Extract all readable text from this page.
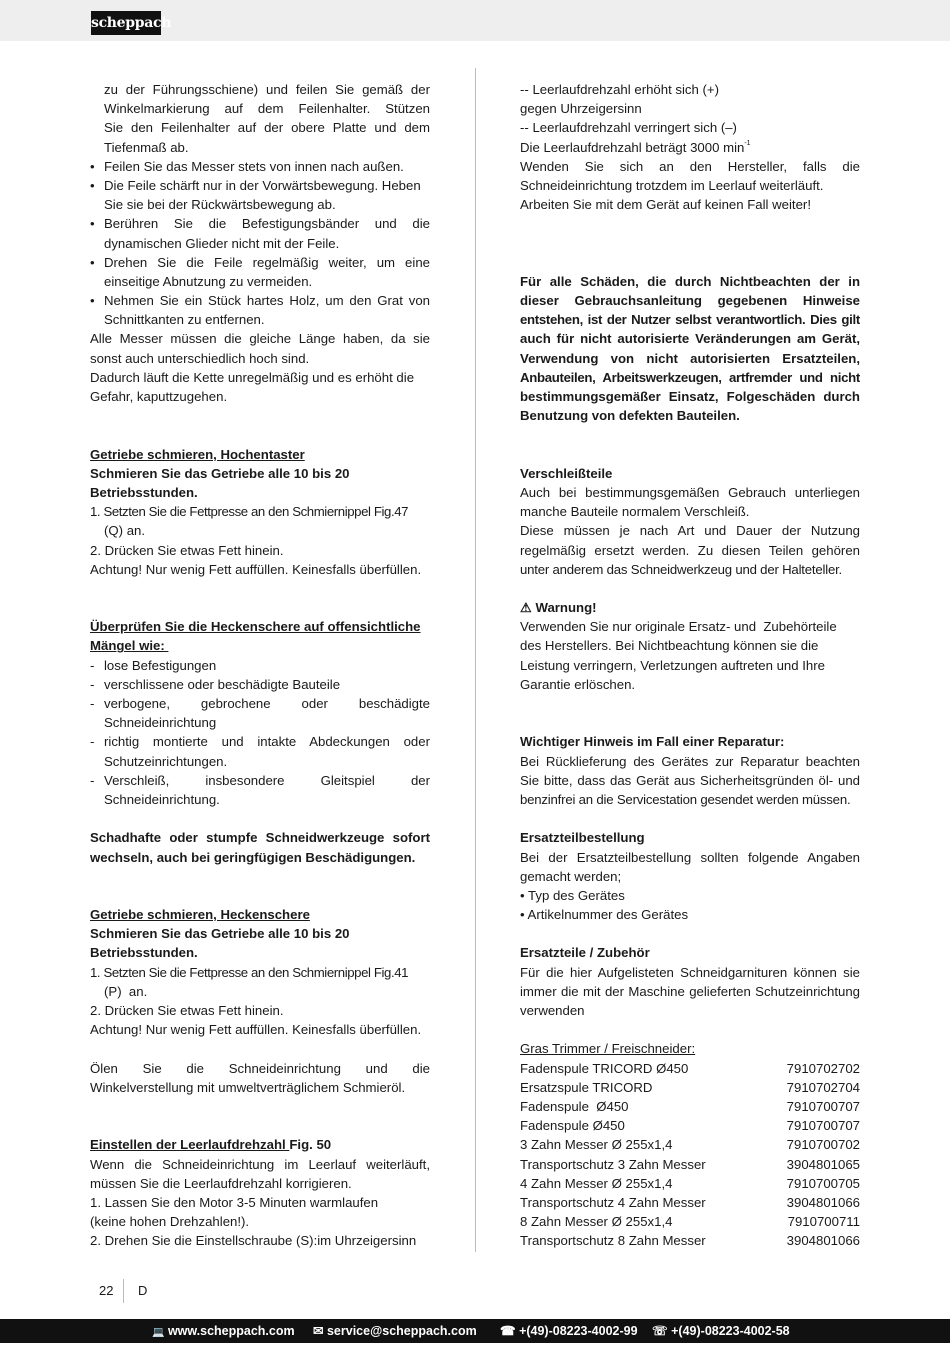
scheppach
zu der Führungsschiene) und feilen Sie gemäß der
Winkelmarkierung auf dem Feilenhalter. Stützen
Sie den Feilenhalter auf der obere Platte und dem
Tiefenmaß ab.
• Feilen Sie das Messer stets von innen nach außen.
• Die Feile schärft nur in der Vorwärtsbewegung. Heben
Sie sie bei der Rückwärtsbewegung ab.
• Berühren Sie die Befestigungsbänder und die
dynamischen Glieder nicht mit der Feile.
• Drehen Sie die Feile regelmäßig weiter, um eine
einseitige Abnutzung zu vermeiden.
• Nehmen Sie ein Stück hartes Holz, um den Grat von
Schnittkanten zu entfernen.
Alle Messer müssen die gleiche Länge haben, da sie
sonst auch unterschiedlich hoch sind.
Dadurch läuft die Kette unregelmäßig und es erhöht die
Gefahr, kaputtzugehen.
Getriebe schmieren, Hochentaster
Schmieren Sie das Getriebe alle 10 bis 20
Betriebsstunden.
1. Setzten Sie die Fettpresse an den Schmiernippel Fig.47
(Q) an.
2. Drücken Sie etwas Fett hinein.
Achtung! Nur wenig Fett auffüllen. Keinesfalls überfüllen.
Überprüfen Sie die Heckenschere auf offensichtliche
Mängel wie:
- lose Befestigungen
- verschlissene oder beschädigte Bauteile
- verbogene, gebrochene oder beschädigte
Schneideinrichtung
- richtig montierte und intakte Abdeckungen oder
Schutzeinrichtungen.
- Verschleiß, insbesondere Gleitspiel der
Schneideinrichtung.
Schadhafte oder stumpfe Schneidwerkzeuge sofort
wechseln, auch bei geringfügigen Beschädigungen.
Getriebe schmieren, Heckenschere
Schmieren Sie das Getriebe alle 10 bis 20
Betriebsstunden.
1. Setzten Sie die Fettpresse an den Schmiernippel Fig.41
(P)  an.
2. Drücken Sie etwas Fett hinein.
Achtung! Nur wenig Fett auffüllen. Keinesfalls überfüllen.
Ölen Sie die Schneideinrichtung und die
Winkelverstellung mit umweltverträglichem Schmieröl.
Einstellen der Leerlaufdrehzahl Fig. 50
Wenn die Schneideinrichtung im Leerlauf weiterläuft,
müssen Sie die Leerlaufdrehzahl korrigieren.
1. Lassen Sie den Motor 3-5 Minuten warmlaufen
(keine hohen Drehzahlen!).
2. Drehen Sie die Einstellschraube (S):im Uhrzeigersinn
-- Leerlaufdrehzahl erhöht sich (+)
gegen Uhrzeigersinn
-- Leerlaufdrehzahl verringert sich (–)
Die Leerlaufdrehzahl beträgt 3000 $\min^{-1}$
Wenden Sie sich an den Hersteller, falls die
Schneideinrichtung trotzdem im Leerlauf weiterläuft.
Arbeiten Sie mit dem Gerät auf keinen Fall weiter!
Für alle Schäden, die durch Nichtbeachten der in
dieser Gebrauchsanleitung gegebenen Hinweise
entstehen, ist der Nutzer selbst verantwortlich. Dies gilt
auch für nicht autorisierte Veränderungen am Gerät,
Verwendung von nicht autorisierten Ersatzteilen,
Anbauteilen, Arbeitswerkzeugen, artfremder und nicht
bestimmungsgemäßer Einsatz, Folgeschäden durch
Benutzung von defekten Bauteilen.
Verschleißteile
Auch bei bestimmungsgemäßen Gebrauch unterliegen
manche Bauteile normalem Verschleiß.
Diese müssen je nach Art und Dauer der Nutzung
regelmäßig ersetzt werden. Zu diesen Teilen gehören
unter anderem das Schneidwerkzeug und der Halteteller.
⚠ Warnung!
Verwenden Sie nur originale Ersatz- und  Zubehörteile
des Herstellers. Bei Nichtbeachtung können sie die
Leistung verringern, Verletzungen auftreten und Ihre
Garantie erlöschen.
Wichtiger Hinweis im Fall einer Reparatur:
Bei Rücklieferung des Gerätes zur Reparatur beachten
Sie bitte, dass das Gerät aus Sicherheitsgründen öl- und
benzinfrei an die Servicestation gesendet werden müssen.
Ersatzteilbestellung
Bei der Ersatzteilbestellung sollten folgende Angaben
gemacht werden;
• Typ des Gerätes
• Artikelnummer des Gerätes
Ersatzteile / Zubehör
Für die hier Aufgelisteten Schneidgarnituren können sie
immer die mit der Maschine gelieferten Schutzeinrichtung
verwenden
Gras Trimmer / Freischneider:
Fadenspule TRICORD Ø450	7910702702
Ersatzspule TRICORD	7910702704
Fadenspule  Ø450	7910700707
Fadenspule Ø450	7910700707
3 Zahn Messer Ø 255x1,4	7910700702
Transportschutz 3 Zahn Messer	3904801065
4 Zahn Messer Ø 255x1,4	7910700705
Transportschutz 4 Zahn Messer	3904801066
8 Zahn Messer Ø 255x1,4	7910700711
Transportschutz 8 Zahn Messer	3904801066
22 D
💻 www.scheppach.com ✉ service@scheppach.com ☎ +(49)-08223-4002-99 ☏ +(49)-08223-4002-58
